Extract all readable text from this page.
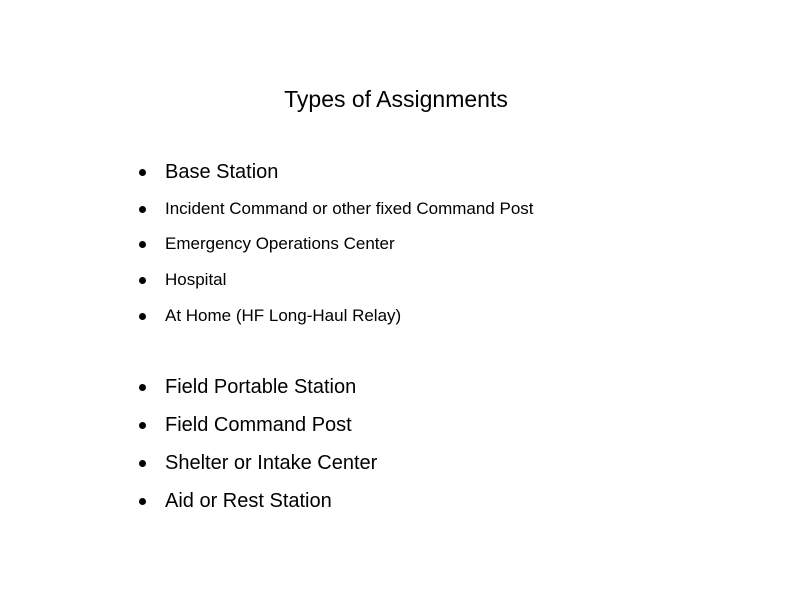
Types of Assignments
Base Station
Incident Command or other fixed Command Post
Emergency Operations Center
Hospital
At Home (HF Long-Haul Relay)
Field Portable Station
Field Command Post
Shelter or Intake Center
Aid or Rest Station
